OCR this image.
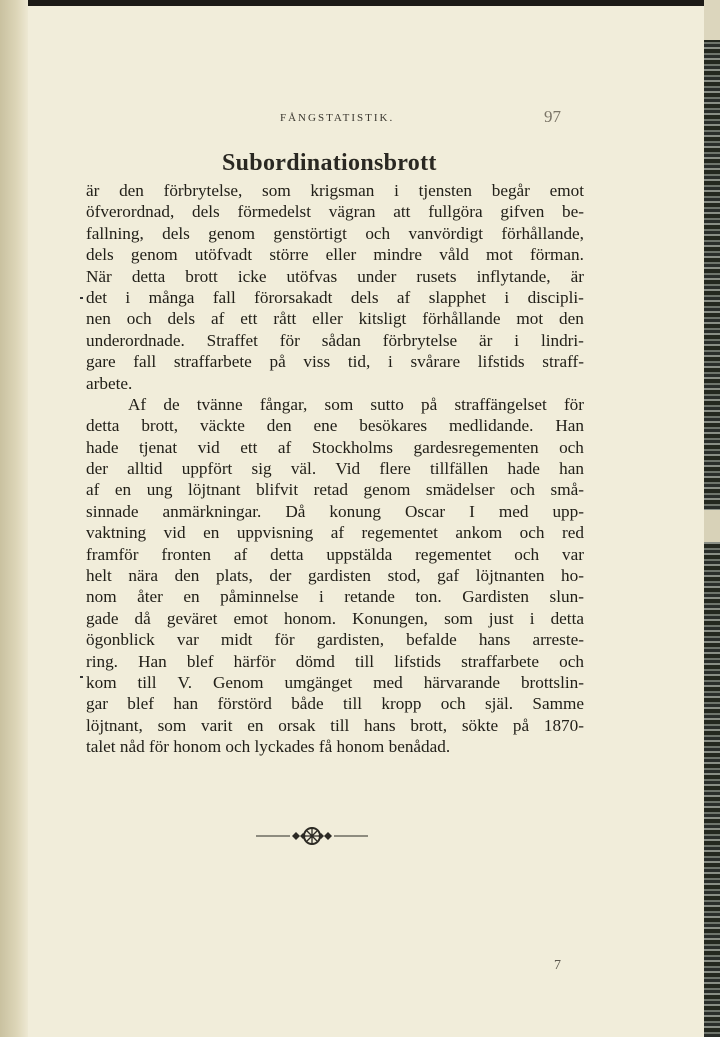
FÅNGSTATISTIK.	97
Subordinationsbrott
är den förbrytelse, som krigsman i tjensten begår emot
öfverordnad, dels förmedelst vägran att fullgöra gifven be-
fallning, dels genom genstörtigt och vanvördigt förhållande,
dels genom utöfvadt större eller mindre våld mot förman.
När detta brott icke utöfvas under rusets inflytande, är
det i många fall förorsakadt dels af slapphet i discipli-
nen och dels af ett rått eller kitsligt förhållande mot den
underordnade. Straffet för sådan förbrytelse är i lindri-
gare fall straffarbete på viss tid, i svårare lifstids straff-
arbete.
Af de tvänne fångar, som sutto på straffängelset för
detta brott, väckte den ene besökares medlidande. Han
hade tjenat vid ett af Stockholms gardesregementen och
der alltid uppfört sig väl. Vid flere tillfällen hade han
af en ung löjtnant blifvit retad genom smädelser och små-
sinnade anmärkningar. Då konung Oscar I med upp-
vaktning vid en uppvisning af regementet ankom och red
framför fronten af detta uppstälda regementet och var
helt nära den plats, der gardisten stod, gaf löjtnanten ho-
nom åter en påminnelse i retande ton. Gardisten slun-
gade då geväret emot honom. Konungen, som just i detta
ögonblick var midt för gardisten, befalde hans arreste-
ring. Han blef härför dömd till lifstids straffarbete och
kom till V. Genom umgänget med härvarande brottslin-
gar blef han förstörd både till kropp och själ. Samme
löjtnant, som varit en orsak till hans brott, sökte på 1870-
talet nåd för honom och lyckades få honom benådad.
7
